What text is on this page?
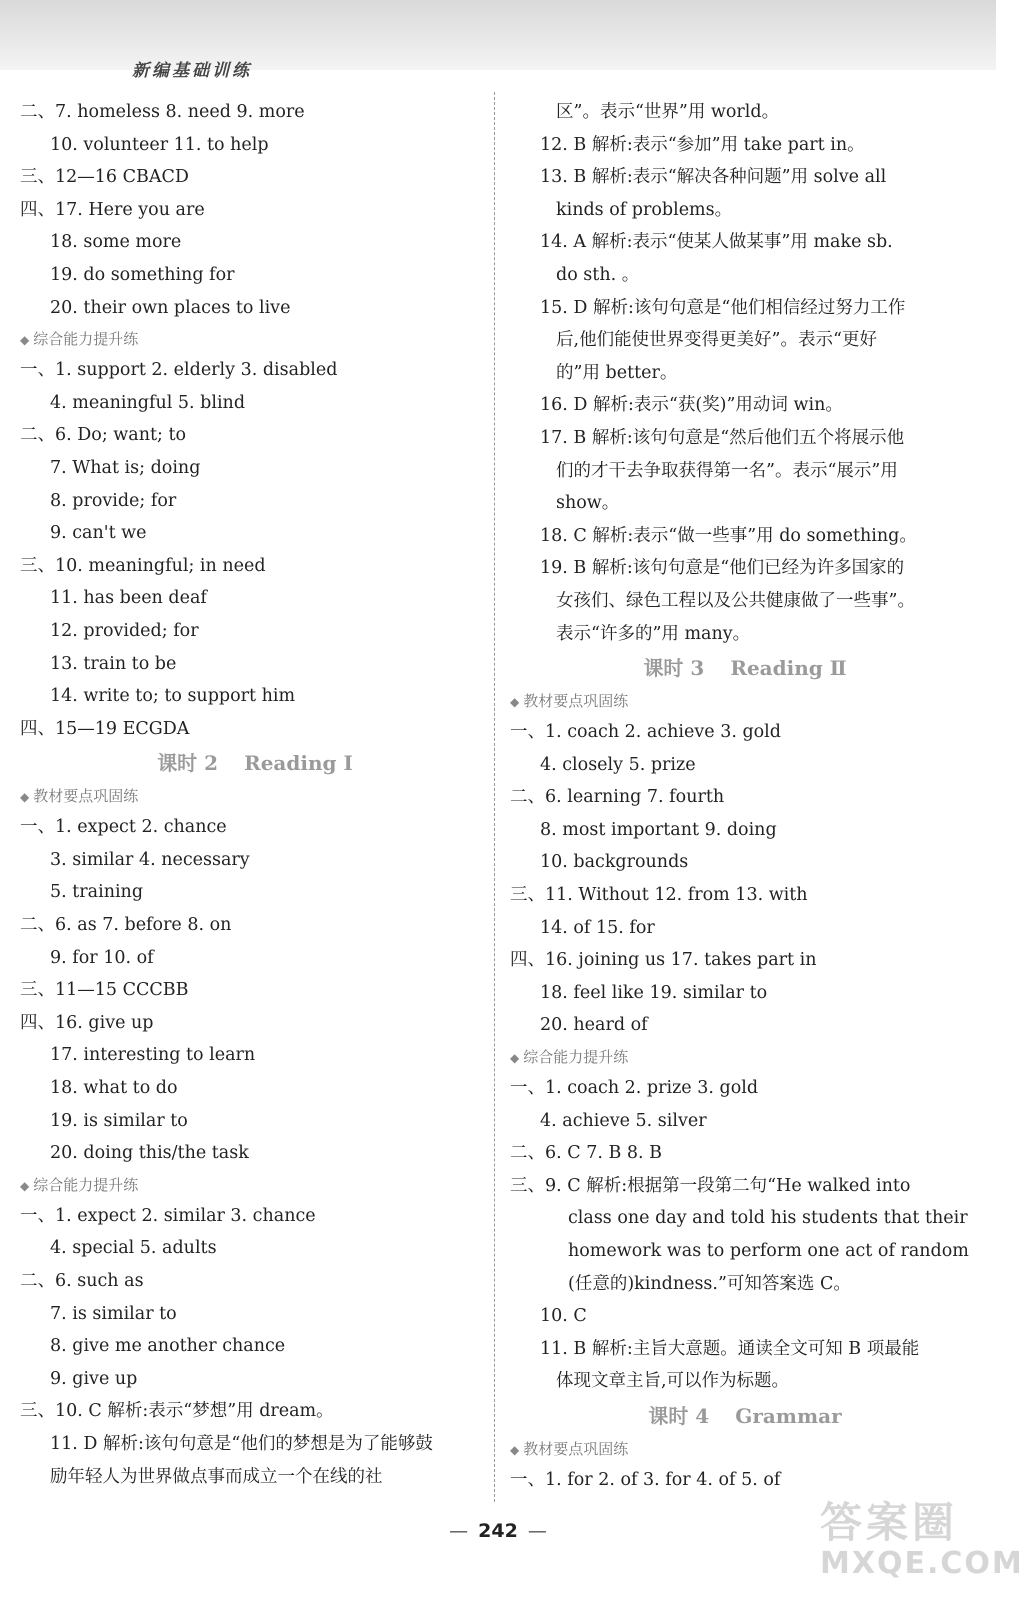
新编基础训练
二、7. homeless 8. need 9. more
10. volunteer 11. to help
三、12—16 CBACD
四、17. Here you are
18. some more
19. do something for
20. their own places to live
◆ 综合能力提升练
一、1. support 2. elderly 3. disabled
4. meaningful 5. blind
二、6. Do; want; to
7. What is; doing
8. provide; for
9. can't we
三、10. meaningful; in need
11. has been deaf
12. provided; for
13. train to be
14. write to; to support him
四、15—19 ECGDA
课时 2 Reading Ⅰ
◆ 教材要点巩固练
一、1. expect 2. chance
3. similar 4. necessary
5. training
二、6. as 7. before 8. on
9. for 10. of
三、11—15 CCCBB
四、16. give up
17. interesting to learn
18. what to do
19. is similar to
20. doing this/the task
◆ 综合能力提升练
一、1. expect 2. similar 3. chance
4. special 5. adults
二、6. such as
7. is similar to
8. give me another chance
9. give up
三、10. C 解析:表示“梦想”用 dream。
11. D 解析:该句句意是“他们的梦想是为了能够鼓
励年轻人为世界做点事而成立一个在线的社
区”。表示“世界”用 world。
12. B 解析:表示“参加”用 take part in。
13. B 解析:表示“解决各种问题”用 solve all
kinds of problems。
14. A 解析:表示“使某人做某事”用 make sb.
do sth. 。
15. D 解析:该句句意是“他们相信经过努力工作
后,他们能使世界变得更美好”。表示“更好
的”用 better。
16. D 解析:表示“获(奖)”用动词 win。
17. B 解析:该句句意是“然后他们五个将展示他
们的才干去争取获得第一名”。表示“展示”用
show。
18. C 解析:表示“做一些事”用 do something。
19. B 解析:该句句意是“他们已经为许多国家的
女孩们、绿色工程以及公共健康做了一些事”。
表示“许多的”用 many。
课时 3 Reading Ⅱ
◆ 教材要点巩固练
一、1. coach 2. achieve 3. gold
4. closely 5. prize
二、6. learning 7. fourth
8. most important 9. doing
10. backgrounds
三、11. Without 12. from 13. with
14. of 15. for
四、16. joining us 17. takes part in
18. feel like 19. similar to
20. heard of
◆ 综合能力提升练
一、1. coach 2. prize 3. gold
4. achieve 5. silver
二、6. C 7. B 8. B
三、9. C 解析:根据第一段第二句“He walked into
class one day and told his students that their
homework was to perform one act of random
(任意的)kindness.”可知答案选 C。
10. C
11. B 解析:主旨大意题。通读全文可知 B 项最能
体现文章主旨,可以作为标题。
课时 4 Grammar
◆ 教材要点巩固练
一、1. for 2. of 3. for 4. of 5. of
— 242 —	答案圈
MXQE.COM
